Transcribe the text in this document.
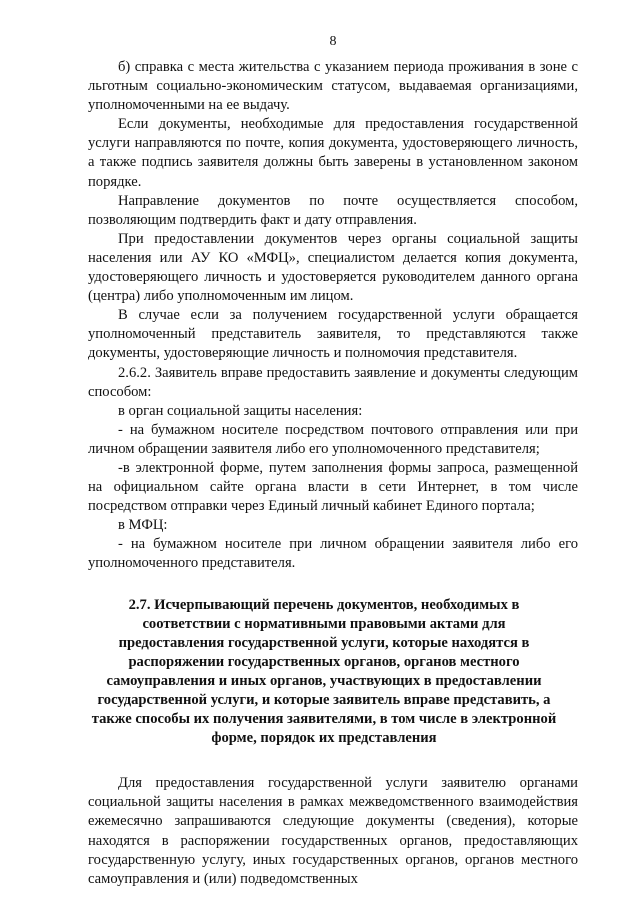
8

б) справка с места жительства с указанием периода проживания в зоне с льготным социально-экономическим статусом, выдаваемая организациями, уполномоченными на ее выдачу.

Если документы, необходимые для предоставления государственной услуги направляются по почте, копия документа, удостоверяющего личность, а также подпись заявителя должны быть заверены в установленном законом порядке.

Направление документов по почте осуществляется способом, позволяющим подтвердить факт и дату отправления.

При предоставлении документов через органы социальной защиты населения или АУ КО «МФЦ», специалистом делается копия документа, удостоверяющего личность и удостоверяется руководителем данного органа (центра) либо уполномоченным им лицом.

В случае если за получением государственной услуги обращается уполномоченный представитель заявителя, то представляются также документы, удостоверяющие личность и полномочия представителя.

2.6.2. Заявитель вправе предоставить заявление и документы следующим способом:

в орган социальной защиты населения:

- на бумажном носителе посредством почтового отправления или при личном обращении заявителя либо его уполномоченного представителя;

-в электронной форме, путем заполнения формы запроса, размещенной на официальном сайте органа власти в сети Интернет, в том числе посредством отправки через Единый личный кабинет Единого портала;

в МФЦ:

- на бумажном носителе при личном обращении заявителя либо его уполномоченного представителя.

2.7. Исчерпывающий перечень документов, необходимых в соответствии с нормативными правовыми актами для предоставления государственной услуги, которые находятся в распоряжении государственных органов, органов местного самоуправления и иных органов, участвующих в предоставлении государственной услуги, и которые заявитель вправе представить, а также способы их получения заявителями, в том числе в электронной форме, порядок их представления

Для предоставления государственной услуги заявителю органами социальной защиты населения в рамках межведомственного взаимодействия ежемесячно запрашиваются следующие документы (сведения), которые находятся в распоряжении государственных органов, предоставляющих государственную услугу, иных государственных органов, органов местного самоуправления и (или) подведомственных
